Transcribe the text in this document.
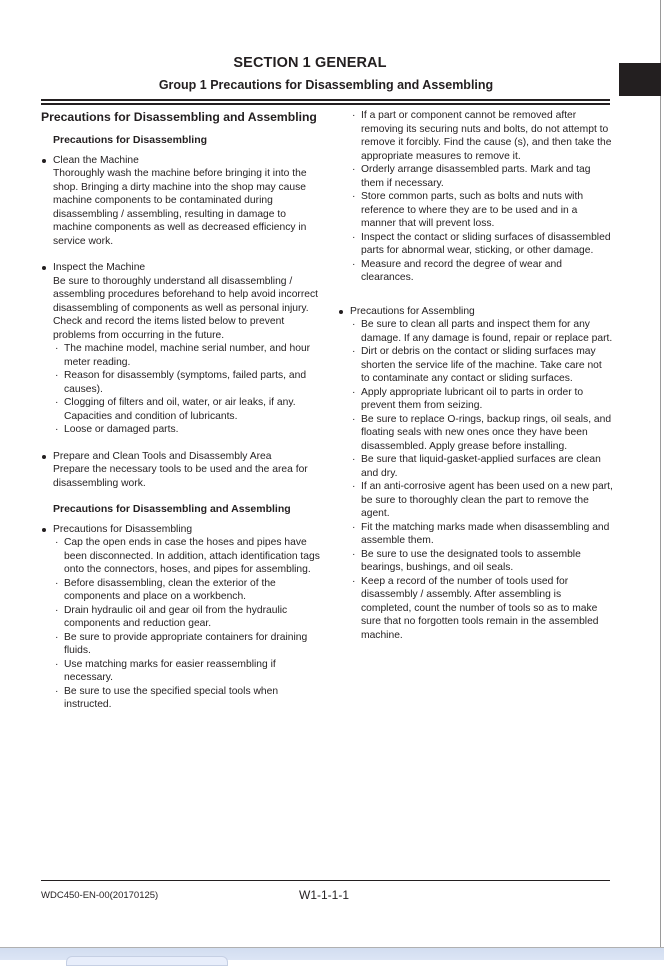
SECTION 1 GENERAL
Group 1 Precautions for Disassembling and Assembling
Precautions for Disassembling and Assembling
Precautions for Disassembling

Clean the Machine

Thoroughly wash the machine before bringing it into the shop. Bringing a dirty machine into the shop may cause machine components to be contaminated during disassembling / assembling, resulting in damage to machine components as well as decreased efficiency in service work.

Inspect the Machine

Be sure to thoroughly understand all disassembling / assembling procedures beforehand to help avoid incorrect disassembling of components as well as personal injury.

Check and record the items listed below to prevent problems from occurring in the future.

· The machine model, machine serial number, and hour meter reading.
· Reason for disassembly (symptoms, failed parts, and causes).
· Clogging of filters and oil, water, or air leaks, if any. Capacities and condition of lubricants.
· Loose or damaged parts.

Prepare and Clean Tools and Disassembly Area

Prepare the necessary tools to be used and the area for disassembling work.

Precautions for Disassembling and Assembling

Precautions for Disassembling

· Cap the open ends in case the hoses and pipes have been disconnected. In addition, attach identification tags onto the connectors, hoses, and pipes for assembling.
· Before disassembling, clean the exterior of the components and place on a workbench.
· Drain hydraulic oil and gear oil from the hydraulic components and reduction gear.
· Be sure to provide appropriate containers for draining fluids.
· Use matching marks for easier reassembling if necessary.
· Be sure to use the specified special tools when instructed.
· If a part or component cannot be removed after removing its securing nuts and bolts, do not attempt to remove it forcibly. Find the cause (s), and then take the appropriate measures to remove it.
· Orderly arrange disassembled parts. Mark and tag them if necessary.
· Store common parts, such as bolts and nuts with reference to where they are to be used and in a manner that will prevent loss.
· Inspect the contact or sliding surfaces of disassembled parts for abnormal wear, sticking, or other damage.
· Measure and record the degree of wear and clearances.

Precautions for Assembling

· Be sure to clean all parts and inspect them for any damage. If any damage is found, repair or replace part.
· Dirt or debris on the contact or sliding surfaces may shorten the service life of the machine. Take care not to contaminate any contact or sliding surfaces.
· Apply appropriate lubricant oil to parts in order to prevent them from seizing.
· Be sure to replace O-rings, backup rings, oil seals, and floating seals with new ones once they have been disassembled. Apply grease before installing.
· Be sure that liquid-gasket-applied surfaces are clean and dry.
· If an anti-corrosive agent has been used on a new part, be sure to thoroughly clean the part to remove the agent.
· Fit the matching marks made when disassembling and assemble them.
· Be sure to use the designated tools to assemble bearings, bushings, and oil seals.
· Keep a record of the number of tools used for disassembly / assembly. After assembling is completed, count the number of tools so as to make sure that no forgotten tools remain in the assembled machine.
WDC450-EN-00(20170125)	W1-1-1-1
